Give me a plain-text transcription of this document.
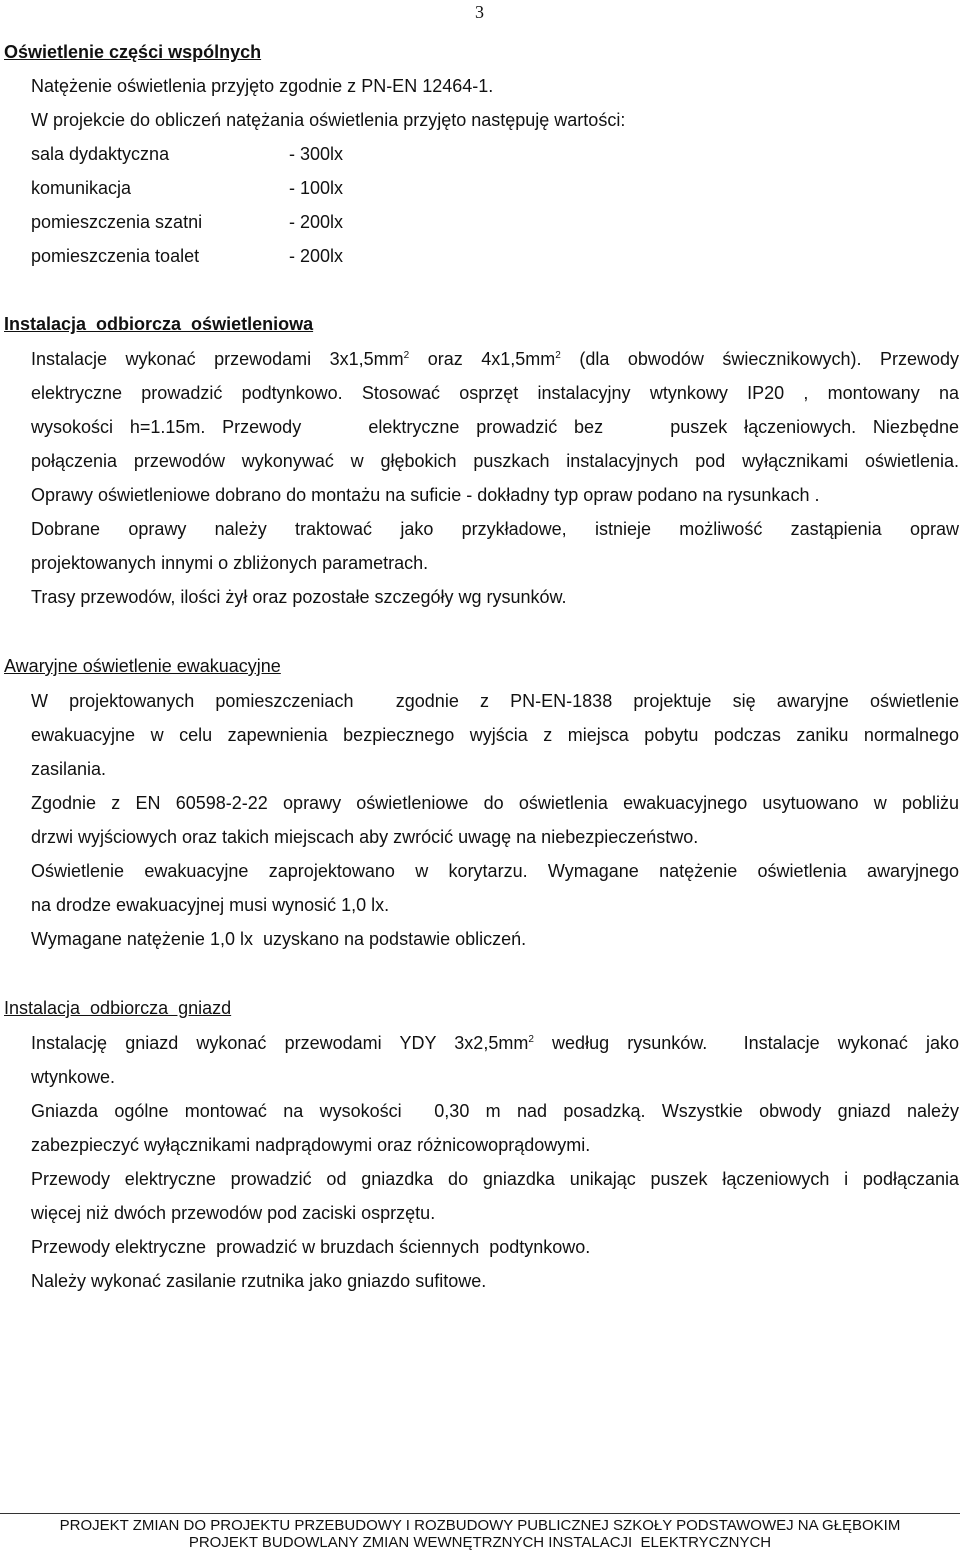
3
Oświetlenie części wspólnych
Natężenie oświetlenia przyjęto zgodnie z PN-EN 12464-1.
W projekcie do obliczeń natężania oświetlenia przyjęto następuję wartości:
sala dydaktyczna	- 300lx
komunikacja	- 100lx
pomieszczenia szatni	- 200lx
pomieszczenia toalet	- 200lx
Instalacja  odbiorcza  oświetleniowa
Instalacje wykonać przewodami $3x1,5mm^2$ oraz $4x1,5mm^2$ (dla obwodów świecznikowych). Przewody
elektryczne prowadzić podtynkowo. Stosować osprzęt instalacyjny wtynkowy IP20 , montowany na
wysokości h=1.15m. Przewody    elektryczne prowadzić bez    puszek łączeniowych. Niezbędne
połączenia przewodów wykonywać w głębokich puszkach instalacyjnych pod wyłącznikami oświetlenia.
Oprawy oświetleniowe dobrano do montażu na suficie - dokładny typ opraw podano na rysunkach .
Dobrane oprawy należy traktować jako przykładowe, istnieje możliwość zastąpienia opraw
projektowanych innymi o zbliżonych parametrach.
Trasy przewodów, ilości żył oraz pozostałe szczegóły wg rysunków.
Awaryjne oświetlenie ewakuacyjne
W projektowanych pomieszczeniach  zgodnie z PN-EN-1838 projektuje się awaryjne oświetlenie
ewakuacyjne w celu zapewnienia bezpiecznego wyjścia z miejsca pobytu podczas zaniku normalnego
zasilania.
Zgodnie z EN 60598-2-22 oprawy oświetleniowe do oświetlenia ewakuacyjnego usytuowano w pobliżu
drzwi wyjściowych oraz takich miejscach aby zwrócić uwagę na niebezpieczeństwo.
Oświetlenie ewakuacyjne zaprojektowano w korytarzu. Wymagane natężenie oświetlenia awaryjnego
na drodze ewakuacyjnej musi wynosić 1,0 lx.
Wymagane natężenie 1,0 lx  uzyskano na podstawie obliczeń.
Instalacja  odbiorcza  gniazd
Instalację gniazd wykonać przewodami YDY $3x2,5mm^2$ według rysunków.  Instalacje wykonać jako
wtynkowe.
Gniazda ogólne montować na wysokości  0,30 m nad posadzką. Wszystkie obwody gniazd należy
zabezpieczyć wyłącznikami nadprądowymi oraz różnicowoprądowymi.
Przewody elektryczne prowadzić od gniazdka do gniazdka unikając puszek łączeniowych i podłączania
więcej niż dwóch przewodów pod zaciski osprzętu.
Przewody elektryczne  prowadzić w bruzdach ściennych  podtynkowo.
Należy wykonać zasilanie rzutnika jako gniazdo sufitowe.
PROJEKT ZMIAN DO PROJEKTU PRZEBUDOWY I ROZBUDOWY PUBLICZNEJ SZKOŁY PODSTAWOWEJ NA GŁĘBOKIM
PROJEKT BUDOWLANY ZMIAN WEWNĘTRZNYCH INSTALACJI  ELEKTRYCZNYCH
